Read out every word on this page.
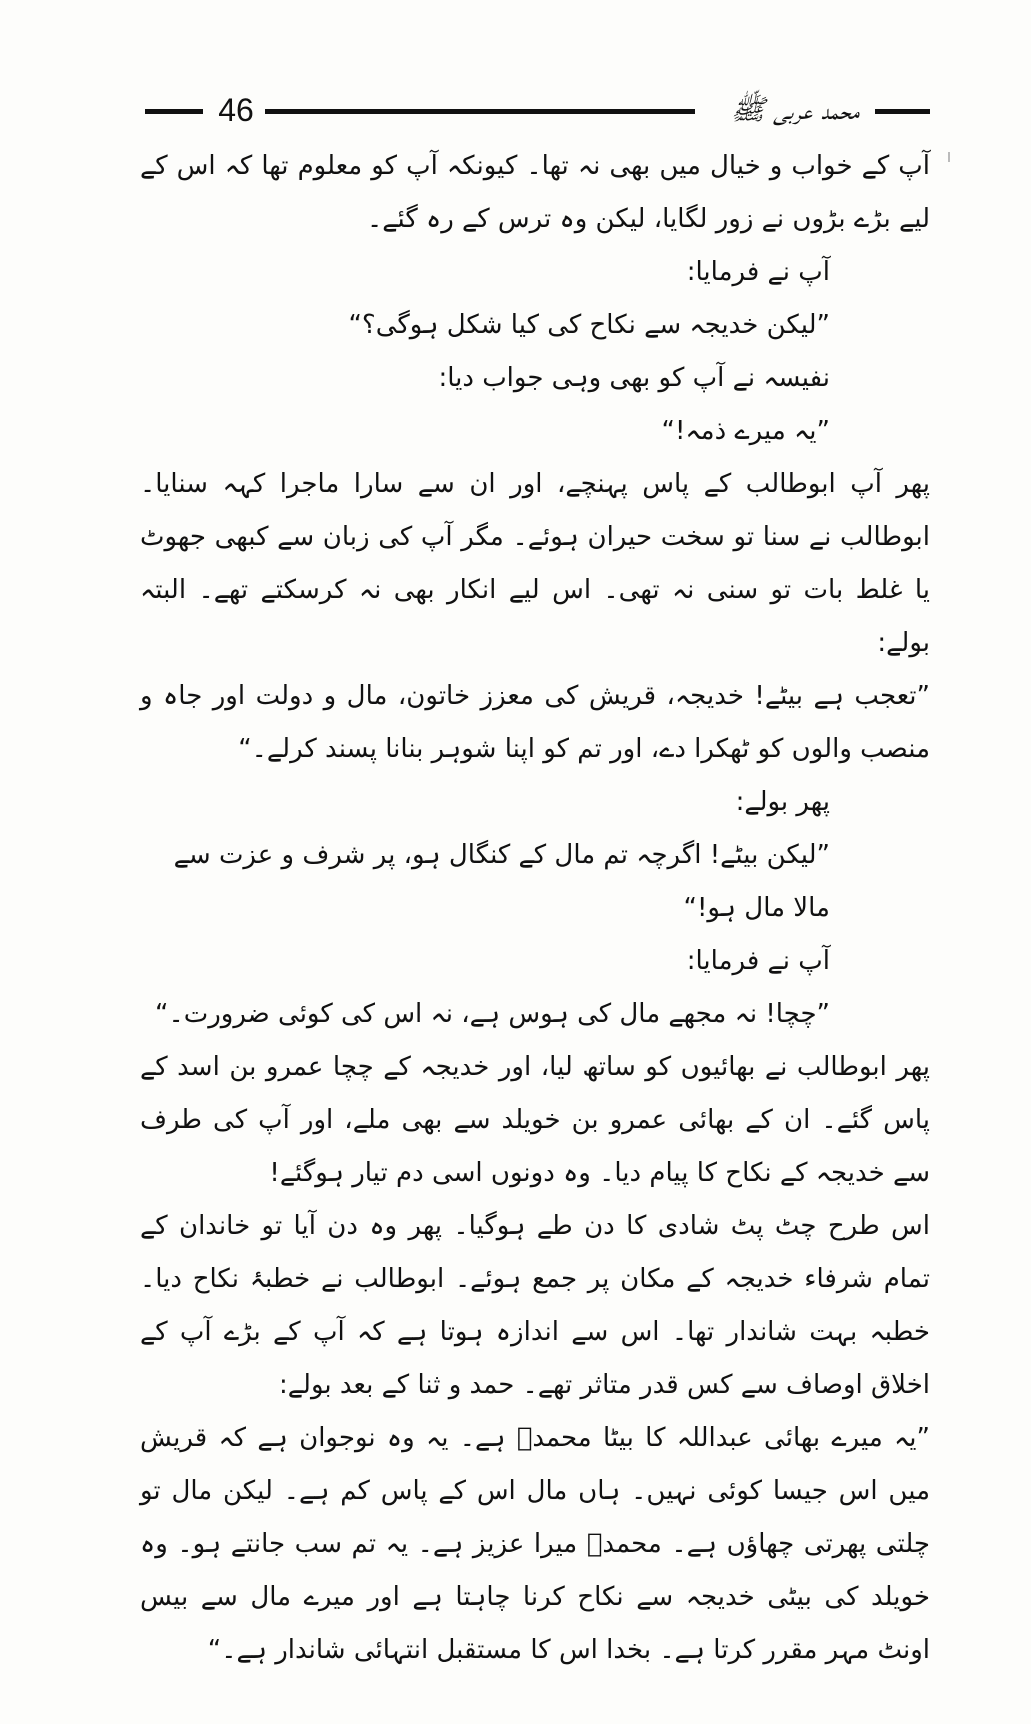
46	محمد عربی ﷺ

آپ کے خواب و خیال میں بھی نہ تھا۔ کیونکہ آپ کو معلوم تھا کہ اس کے لیے بڑے بڑوں نے زور لگایا، لیکن وہ ترس کے رہ گئے۔

آپ نے فرمایا:

”لیکن خدیجہ سے نکاح کی کیا شکل ہوگی؟“

نفیسہ نے آپ کو بھی وہی جواب دیا:

”یہ میرے ذمہ!“

پھر آپ ابوطالب کے پاس پہنچے، اور ان سے سارا ماجرا کہہ سنایا۔ ابوطالب نے سنا تو سخت حیران ہوئے۔ مگر آپ کی زبان سے کبھی جھوٹ یا غلط بات تو سنی نہ تھی۔ اس لیے انکار بھی نہ کرسکتے تھے۔ البتہ بولے:

”تعجب ہے بیٹے! خدیجہ، قریش کی معزز خاتون، مال و دولت اور جاہ و منصب والوں کو ٹھکرا دے، اور تم کو اپنا شوہر بنانا پسند کرلے۔“

پھر بولے:

”لیکن بیٹے! اگرچہ تم مال کے کنگال ہو، پر شرف و عزت سے مالا مال ہو!“

آپ نے فرمایا:

”چچا! نہ مجھے مال کی ہوس ہے، نہ اس کی کوئی ضرورت۔“

پھر ابوطالب نے بھائیوں کو ساتھ لیا، اور خدیجہ کے چچا عمرو بن اسد کے پاس گئے۔ ان کے بھائی عمرو بن خویلد سے بھی ملے، اور آپ کی طرف سے خدیجہ کے نکاح کا پیام دیا۔ وہ دونوں اسی دم تیار ہوگئے!

اس طرح چٹ پٹ شادی کا دن طے ہوگیا۔ پھر وہ دن آیا تو خاندان کے تمام شرفاء خدیجہ کے مکان پر جمع ہوئے۔ ابوطالب نے خطبۂ نکاح دیا۔ خطبہ بہت شاندار تھا۔ اس سے اندازہ ہوتا ہے کہ آپ کے بڑے آپ کے اخلاق اوصاف سے کس قدر متاثر تھے۔ حمد و ثنا کے بعد بولے:

”یہ میرے بھائی عبداللہ کا بیٹا محمدؐ ہے۔ یہ وہ نوجوان ہے کہ قریش میں اس جیسا کوئی نہیں۔ ہاں مال اس کے پاس کم ہے۔ لیکن مال تو چلتی پھرتی چھاؤں ہے۔ محمدؐ میرا عزیز ہے۔ یہ تم سب جانتے ہو۔ وہ خویلد کی بیٹی خدیجہ سے نکاح کرنا چاہتا ہے اور میرے مال سے بیس اونٹ مہر مقرر کرتا ہے۔ بخدا اس کا مستقبل انتہائی شاندار ہے۔“
